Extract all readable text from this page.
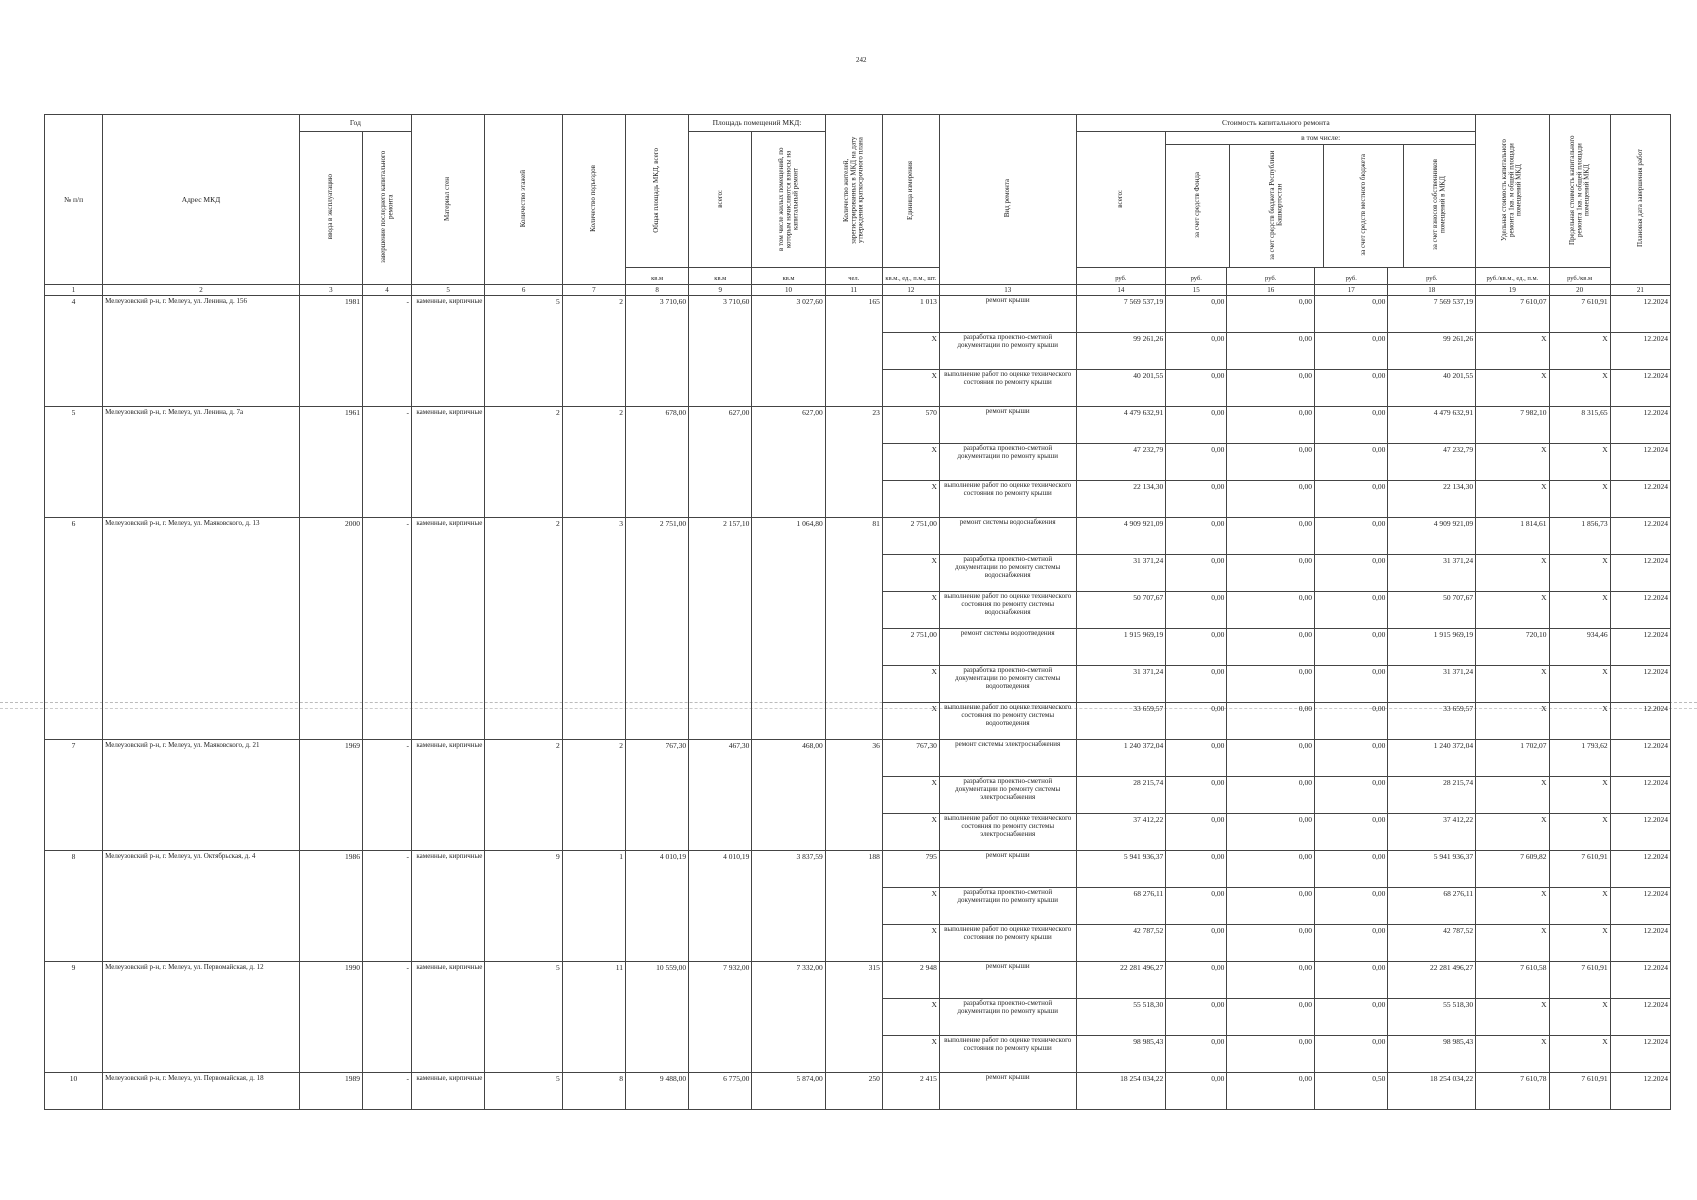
242
№ п/п	Адрес МКД	Год	Материал стен	Количество этажей	Количество подъездов	Общая площадь МКД, всего	Площадь помещений МКД:	Количество жителей, зарегистрированных в МКД на дату утверждения краткосрочного плана	Единица измерения	Вид ремонта	Стоимость капитального ремонта	Удельная стоимость капитального ремонта 1кв. м общей площади помещений МКД	Предельная стоимость капитального ремонта 1кв. м общей площади помещений МКД	Плановая дата завершения работ
ввода в эксплуатацию	завершение последнего капитального ремонта	всего:	в том числе жилых помещений, по которым начисляются взносы на капитальный ремонт	всего:	
в том числе:
за счет средств Фонда	за счет средств бюджета Республики Башкортостан	за счет средств местного бюджета	за счет взносов собственников помещений в МКД

кв.м	кв.м	кв.м	чел.	кв.м., ед., п.м., шт.	руб.	руб.	руб.	руб.	руб.	руб./кв.м., ед., п.м.	руб./кв.м
1	2	3	4	5	6	7	8	9	10	11	12	13	14	15	16	17	18	19	20	21
4	Мелеузовский р-н, г. Мелеуз, ул. Ленина, д. 156	1981	-	каменные, кирпичные	5	2	3 710,60	3 710,60	3 027,60	165	1 013	ремонт крыши	7 569 537,19	0,00	0,00	0,00	7 569 537,19	7 610,07	7 610,91	12.2024
X	разработка проектно-сметной документации по ремонту крыши	99 261,26	0,00	0,00	0,00	99 261,26	X	X	12.2024
X	выполнение работ по оценке технического состояния по ремонту крыши	40 201,55	0,00	0,00	0,00	40 201,55	X	X	12.2024
5	Мелеузовский р-н, г. Мелеуз, ул. Ленина, д. 7а	1961	-	каменные, кирпичные	2	2	678,00	627,00	627,00	23	570	ремонт крыши	4 479 632,91	0,00	0,00	0,00	4 479 632,91	7 982,10	8 315,65	12.2024
X	разработка проектно-сметной документации по ремонту крыши	47 232,79	0,00	0,00	0,00	47 232,79	X	X	12.2024
X	выполнение работ по оценке технического состояния по ремонту крыши	22 134,30	0,00	0,00	0,00	22 134,30	X	X	12.2024
6	Мелеузовский р-н, г. Мелеуз, ул. Маяковского, д. 13	2000	-	каменные, кирпичные	2	3	2 751,00	2 157,10	1 064,80	81	2 751,00	ремонт системы водоснабжения	4 909 921,09	0,00	0,00	0,00	4 909 921,09	1 814,61	1 856,73	12.2024
X	разработка проектно-сметной документации по ремонту системы водоснабжения	31 371,24	0,00	0,00	0,00	31 371,24	X	X	12.2024
X	выполнение работ по оценке технического состояния по ремонту системы водоснабжения	50 707,67	0,00	0,00	0,00	50 707,67	X	X	12.2024
2 751,00	ремонт системы водоотведения	1 915 969,19	0,00	0,00	0,00	1 915 969,19	720,10	934,46	12.2024
X	разработка проектно-сметной документации по ремонту системы водоотведения	31 371,24	0,00	0,00	0,00	31 371,24	X	X	12.2024
X	выполнение работ по оценке технического состояния по ремонту системы водоотведения	33 659,57	0,00	0,00	0,00	33 659,57	X	X	12.2024
7	Мелеузовский р-н, г. Мелеуз, ул. Маяковского, д. 21	1969	-	каменные, кирпичные	2	2	767,30	467,30	468,00	36	767,30	ремонт системы электроснабжения	1 240 372,04	0,00	0,00	0,00	1 240 372,04	1 702,07	1 793,62	12.2024
X	разработка проектно-сметной документации по ремонту системы электроснабжения	28 215,74	0,00	0,00	0,00	28 215,74	X	X	12.2024
X	выполнение работ по оценке технического состояния по ремонту системы электроснабжения	37 412,22	0,00	0,00	0,00	37 412,22	X	X	12.2024
8	Мелеузовский р-н, г. Мелеуз, ул. Октябрьская, д. 4	1986	-	каменные, кирпичные	9	1	4 010,19	4 010,19	3 837,59	188	795	ремонт крыши	5 941 936,37	0,00	0,00	0,00	5 941 936,37	7 609,82	7 610,91	12.2024
X	разработка проектно-сметной документации по ремонту крыши	68 276,11	0,00	0,00	0,00	68 276,11	X	X	12.2024
X	выполнение работ по оценке технического состояния по ремонту крыши	42 787,52	0,00	0,00	0,00	42 787,52	X	X	12.2024
9	Мелеузовский р-н, г. Мелеуз, ул. Первомайская, д. 12	1990	-	каменные, кирпичные	5	11	10 559,00	7 932,00	7 332,00	315	2 948	ремонт крыши	22 281 496,27	0,00	0,00	0,00	22 281 496,27	7 610,58	7 610,91	12.2024
X	разработка проектно-сметной документации по ремонту крыши	55 518,30	0,00	0,00	0,00	55 518,30	X	X	12.2024
X	выполнение работ по оценке технического состояния по ремонту крыши	98 985,43	0,00	0,00	0,00	98 985,43	X	X	12.2024
10	Мелеузовский р-н, г. Мелеуз, ул. Первомайская, д. 18	1989	-	каменные, кирпичные	5	8	9 488,00	6 775,00	5 874,00	250	2 415	ремонт крыши	18 254 034,22	0,00	0,00	0,50	18 254 034,22	7 610,78	7 610,91	12.2024
